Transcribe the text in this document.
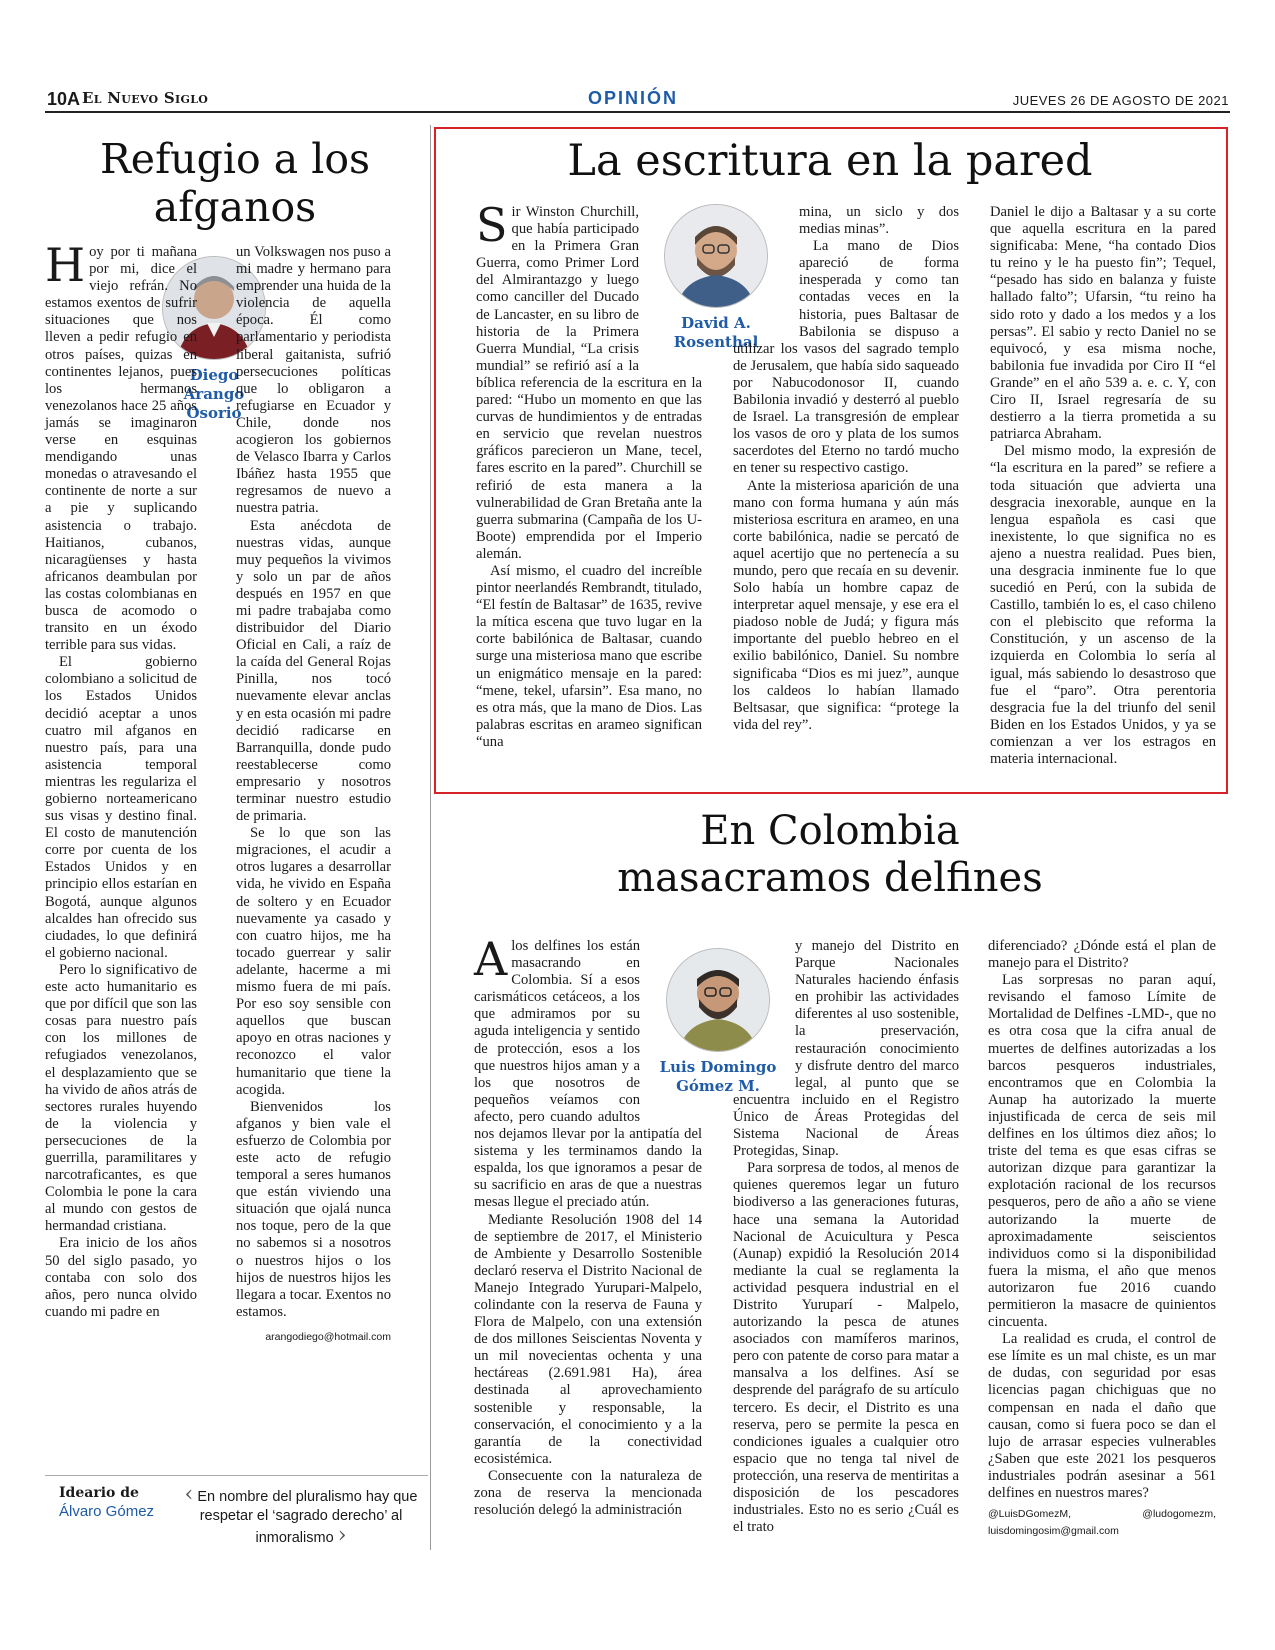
10A El Nuevo Siglo	OPINIÓN	JUEVES 26 DE AGOSTO DE 2021
Refugio a los afganos
Diego Arango Osorio

Hoy por ti mañana por mi, dice el viejo refrán. No estamos exentos de sufrir situaciones que nos lleven a pedir refugio en otros países, quizas en continentes lejanos, pues los hermanos venezolanos hace 25 años jamás se imaginaron verse en esquinas mendigando unas monedas o atravesando el continente de norte a sur a pie y suplicando asistencia o trabajo. Haitianos, cubanos, nicaragüenses y hasta africanos deambulan por las costas colombianas en busca de acomodo o transito en un éxodo terrible para sus vidas.

El gobierno colombiano a solicitud de los Estados Unidos decidió aceptar a unos cuatro mil afganos en nuestro país, para una asistencia temporal mientras les regulariza el gobierno norteamericano sus visas y destino final. El costo de manutención corre por cuenta de los Estados Unidos y en principio ellos estarían en Bogotá, aunque algunos alcaldes han ofrecido sus ciudades, lo que definirá el gobierno nacional.

Pero lo significativo de este acto humanitario es que por difícil que son las cosas para nuestro país con los millones de refugiados venezolanos, el desplazamiento que se ha vivido de años atrás de sectores rurales huyendo de la violencia y persecuciones de la guerrilla, paramilitares y narcotraficantes, es que Colombia le pone la cara al mundo con gestos de hermandad cristiana.

Era inicio de los años 50 del siglo pasado, yo contaba con solo dos años, pero nunca olvido cuando mi padre en

un Volkswagen nos puso a mi madre y hermano para emprender una huida de la violencia de aquella época. Él como parlamentario y periodista liberal gaitanista, sufrió persecuciones políticas que lo obligaron a refugiarse en Ecuador y Chile, donde nos acogieron los gobiernos de Velasco Ibarra y Carlos Ibáñez hasta 1955 que regresamos de nuevo a nuestra patria.

Esta anécdota de nuestras vidas, aunque muy pequeños la vivimos y solo un par de años después en 1957 en que mi padre trabajaba como distribuidor del Diario Oficial en Cali, a raíz de la caída del General Rojas Pinilla, nos tocó nuevamente elevar anclas y en esta ocasión mi padre decidió radicarse en Barranquilla, donde pudo reestablecerse como empresario y nosotros terminar nuestro estudio de primaria.

Se lo que son las migraciones, el acudir a otros lugares a desarrollar vida, he vivido en España de soltero y en Ecuador nuevamente ya casado y con cuatro hijos, me ha tocado guerrear y salir adelante, hacerme a mi mismo fuera de mi país. Por eso soy sensible con aquellos que buscan apoyo en otras naciones y reconozco el valor humanitario que tiene la acogida.

Bienvenidos los afganos y bien vale el esfuerzo de Colombia por este acto de refugio temporal a seres humanos que están viviendo una situación que ojalá nunca nos toque, pero de la que no sabemos si a nosotros o nuestros hijos o los hijos de nuestros hijos les llegara a tocar. Exentos no estamos.

arangodiego@hotmail.com
Ideario de
Álvaro Gómez
‹ En nombre del pluralismo hay que respetar el ‘sagrado derecho’ al inmoralismo ›
La escritura en la pared
David A. Rosenthal

Sir Winston Churchill, que había participado en la Primera Gran Guerra, como Primer Lord del Almirantazgo y luego como canciller del Ducado de Lancaster, en su libro de historia de la Primera Guerra Mundial, “La crisis mundial” se refirió así a la bíblica referencia de la escritura en la pared: “Hubo un momento en que las curvas de hundimientos y de entradas en servicio que revelan nuestros gráficos parecieron un Mane, tecel, fares escrito en la pared”. Churchill se refirió de esta manera a la vulnerabilidad de Gran Bretaña ante la guerra submarina (Campaña de los U-Boote) emprendida por el Imperio alemán.

Así mismo, el cuadro del increíble pintor neerlandés Rembrandt, titulado, “El festín de Baltasar” de 1635, revive la mítica escena que tuvo lugar en la corte babilónica de Baltasar, cuando surge una misteriosa mano que escribe un enigmático mensaje en la pared: “mene, tekel, ufarsin”. Esa mano, no es otra más, que la mano de Dios. Las palabras escritas en arameo significan “una

mina, un siclo y dos medias minas”.

La mano de Dios apareció de forma inesperada y como tan contadas veces en la historia, pues Baltasar de Babilonia se dispuso a utilizar los vasos del sagrado templo de Jerusalem, que había sido saqueado por Nabucodonosor II, cuando Babilonia invadió y desterró al pueblo de Israel. La transgresión de emplear los vasos de oro y plata de los sumos sacerdotes del Eterno no tardó mucho en tener su respectivo castigo.

Ante la misteriosa aparición de una mano con forma humana y aún más misteriosa escritura en arameo, en una corte babilónica, nadie se percató de aquel acertijo que no pertenecía a su mundo, pero que recaía en su devenir. Solo había un hombre capaz de interpretar aquel mensaje, y ese era el piadoso noble de Judá; y figura más importante del pueblo hebreo en el exilio babilónico, Daniel. Su nombre significaba “Dios es mi juez”, aunque los caldeos lo habían llamado Beltsasar, que significa: “protege la vida del rey”.

Daniel le dijo a Baltasar y a su corte que aquella escritura en la pared significaba: Mene, “ha contado Dios tu reino y le ha puesto fin”; Tequel, “pesado has sido en balanza y fuiste hallado falto”; Ufarsin, “tu reino ha sido roto y dado a los medos y a los persas”. El sabio y recto Daniel no se equivocó, y esa misma noche, babilonia fue invadida por Ciro II “el Grande” en el año 539 a. e. c. Y, con Ciro II, Israel regresaría de su destierro a la tierra prometida a su patriarca Abraham.

Del mismo modo, la expresión de “la escritura en la pared” se refiere a toda situación que advierta una desgracia inexorable, aunque en la lengua española es casi que inexistente, lo que significa no es ajeno a nuestra realidad. Pues bien, una desgracia inminente fue lo que sucedió en Perú, con la subida de Castillo, también lo es, el caso chileno con el plebiscito que reforma la Constitución, y un ascenso de la izquierda en Colombia lo sería al igual, más sabiendo lo desastroso que fue el “paro”. Otra perentoria desgracia fue la del triunfo del senil Biden en los Estados Unidos, y ya se comienzan a ver los estragos en materia internacional.

En Colombia masacramos delfines
Luis Domingo Gómez M.

Alos delfines los están masacrando en Colombia. Sí a esos carismáticos cetáceos, a los que admiramos por su aguda inteligencia y sentido de protección, esos a los que nuestros hijos aman y a los que nosotros de pequeños veíamos con afecto, pero cuando adultos nos dejamos llevar por la antipatía del sistema y les terminamos dando la espalda, los que ignoramos a pesar de su sacrificio en aras de que a nuestras mesas llegue el preciado atún.

Mediante Resolución 1908 del 14 de septiembre de 2017, el Ministerio de Ambiente y Desarrollo Sostenible declaró reserva el Distrito Nacional de Manejo Integrado Yurupari-Malpelo, colindante con la reserva de Fauna y Flora de Malpelo, con una extensión de dos millones Seiscientas Noventa y un mil novecientas ochenta y una hectáreas (2.691.981 Ha), área destinada al aprovechamiento sostenible y responsable, la conservación, el conocimiento y a la garantía de la conectividad ecosistémica.

Consecuente con la naturaleza de zona de reserva la mencionada resolución delegó la administración

y manejo del Distrito en Parque Nacionales Naturales haciendo énfasis en prohibir las actividades diferentes al uso sostenible, la preservación, restauración conocimiento y disfrute dentro del marco legal, al punto que se encuentra incluido en el Registro Único de Áreas Protegidas del Sistema Nacional de Áreas Protegidas, Sinap.

Para sorpresa de todos, al menos de quienes queremos legar un futuro biodiverso a las generaciones futuras, hace una semana la Autoridad Nacional de Acuicultura y Pesca (Aunap) expidió la Resolución 2014 mediante la cual se reglamenta la actividad pesquera industrial en el Distrito Yuruparí - Malpelo, autorizando la pesca de atunes asociados con mamíferos marinos, pero con patente de corso para matar a mansalva a los delfines. Así se desprende del parágrafo de su artículo tercero. Es decir, el Distrito es una reserva, pero se permite la pesca en condiciones iguales a cualquier otro espacio que no tenga tal nivel de protección, una reserva de mentiritas a disposición de los pescadores industriales. Esto no es serio ¿Cuál es el trato

diferenciado? ¿Dónde está el plan de manejo para el Distrito?

Las sorpresas no paran aquí, revisando el famoso Límite de Mortalidad de Delfines -LMD-, que no es otra cosa que la cifra anual de muertes de delfines autorizadas a los barcos pesqueros industriales, encontramos que en Colombia la Aunap ha autorizado la muerte injustificada de cerca de seis mil delfines en los últimos diez años; lo triste del tema es que esas cifras se autorizan dizque para garantizar la explotación racional de los recursos pesqueros, pero de año a año se viene autorizando la muerte de aproximadamente seiscientos individuos como si la disponibilidad fuera la misma, el año que menos autorizaron fue 2016 cuando permitieron la masacre de quinientos cincuenta.

La realidad es cruda, el control de ese límite es un mal chiste, es un mar de dudas, con seguridad por esas licencias pagan chichiguas que no compensan en nada el daño que causan, como si fuera poco se dan el lujo de arrasar especies vulnerables ¿Saben que este 2021 los pesqueros industriales podrán asesinar a 561 delfines en nuestros mares?

@LuisDGomezM, @ludogomezm, luisdomingosim@gmail.com
